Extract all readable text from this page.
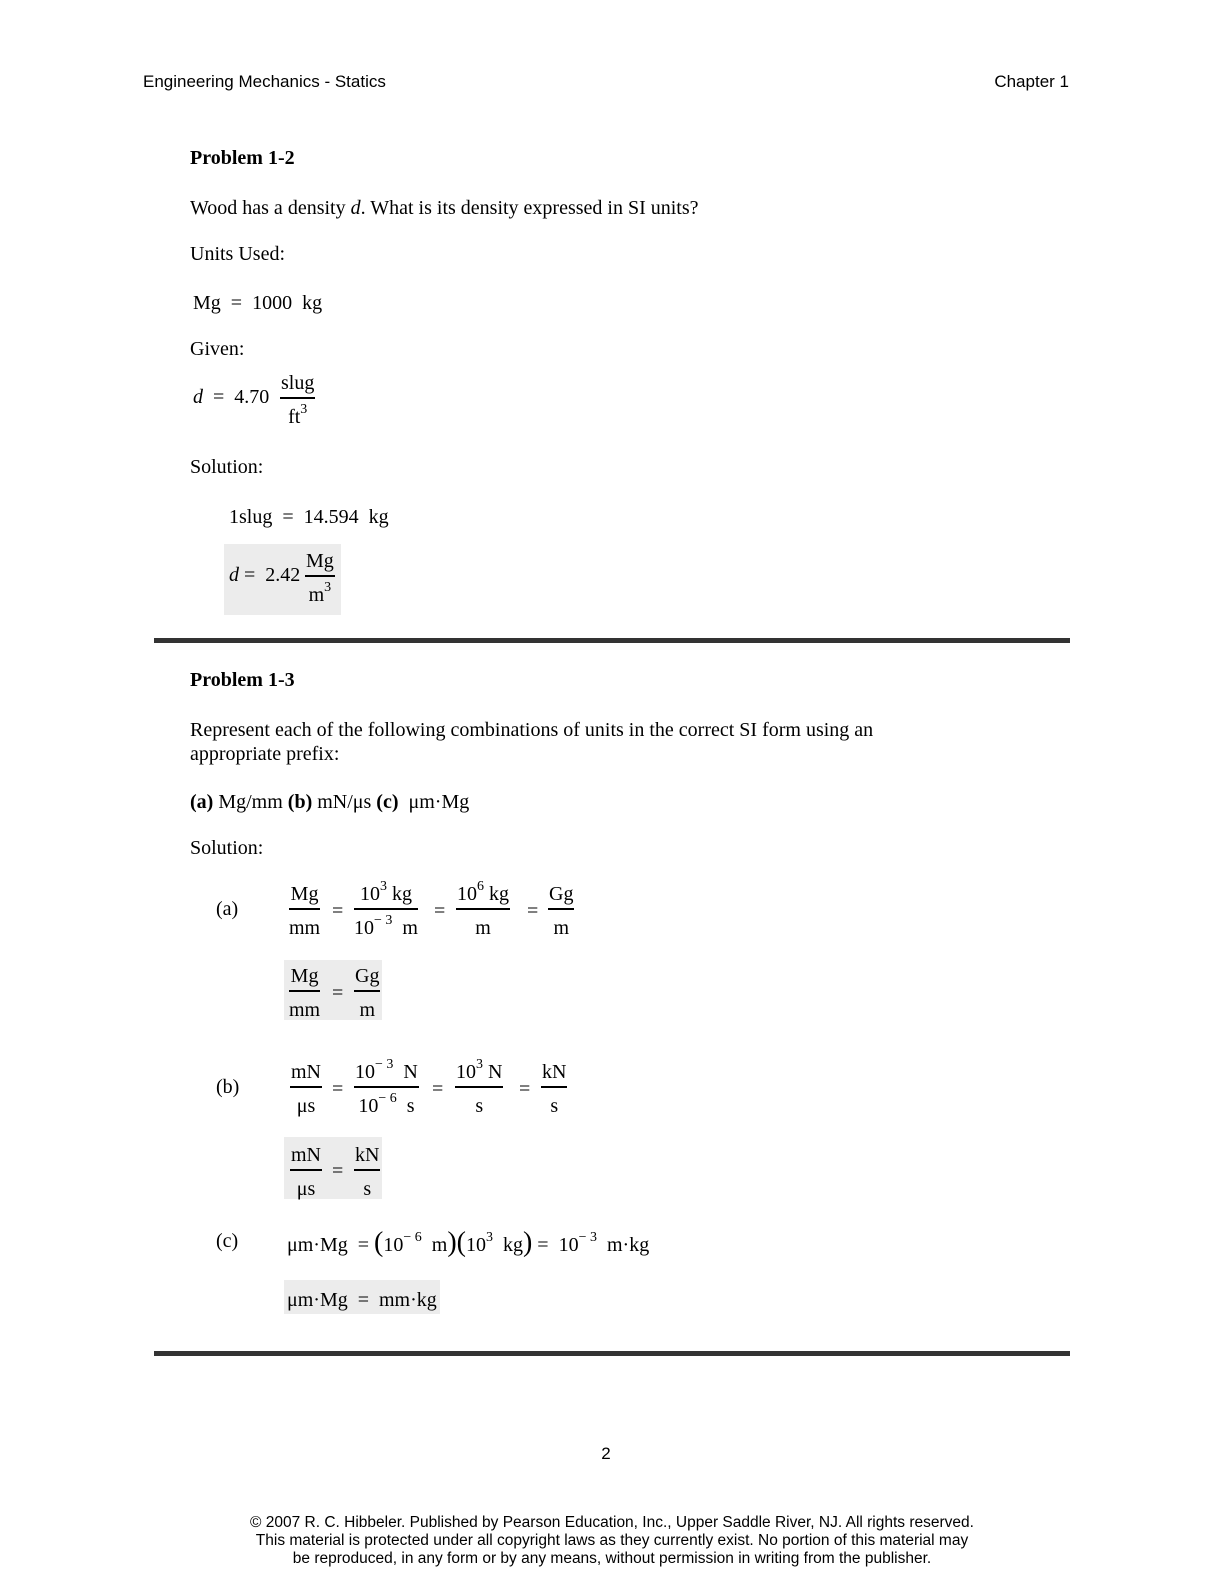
Engineering Mechanics - Statics	Chapter 1
Problem 1-2
Wood has a density d. What is its density expressed in SI units?
Units Used:
Mg  =  1000  kg
Given:
d =  4.70
slug
$ft^3$
Solution:
1slug  =  14.594  kg
d =  2.42
Mg
$m^3$
Problem 1-3
Represent each of the following combinations of units in the correct SI form using an
appropriate prefix:
(a) Mg/mm (b) mN/μs (c)  μm·Mg
Solution:
(a)
Mg
mm
=
$10^3$ kg
$10^{- 3}$  m
=
$10^6$ kg
m
=
Gg
m
Mg
mm
=
Gg
m
(b)
mN
μs
=
$10^{- 3}$  N
$10^{- 6}$  s
=
$10^3$ N
s
=
kN
s
mN
μs
=
kN
s
(c) $\mu m\cdot Mg = (10^{- 6}$  $m)(10^3$  $kg) = 10^{- 3}$  m·kg
μm·Mg  =  mm·kg
2
© 2007 R. C. Hibbeler. Published by Pearson Education, Inc., Upper Saddle River, NJ. All rights reserved.
This material is protected under all copyright laws as they currently exist. No portion of this material may
be reproduced, in any form or by any means, without permission in writing from the publisher.
